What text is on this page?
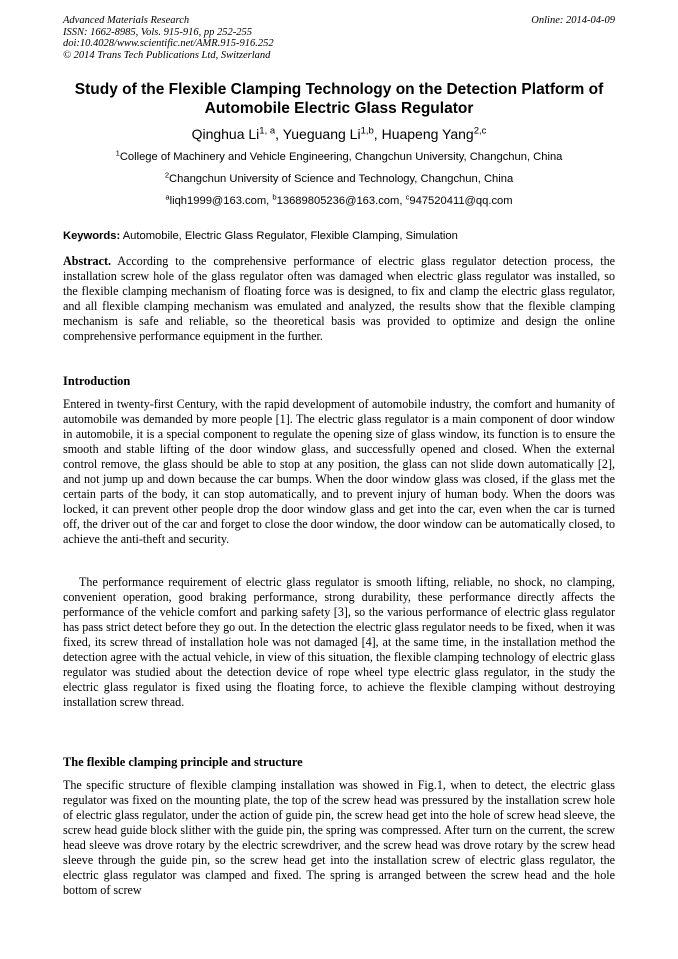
Advanced Materials Research
ISSN: 1662-8985, Vols. 915-916, pp 252-255
doi:10.4028/www.scientific.net/AMR.915-916.252
© 2014 Trans Tech Publications Ltd, Switzerland
Online: 2014-04-09
Study of the Flexible Clamping Technology on the Detection Platform of
Automobile Electric Glass Regulator
Qinghua Li$^{1, a}$, Yueguang Li$^{1,b}$, Huapeng Yang$^{2,c}$
$^1$College of Machinery and Vehicle Engineering, Changchun University, Changchun, China
$^2$Changchun University of Science and Technology, Changchun, China
$^a$liqh1999@163.com, $^b$13689805236@163.com, $^c$947520411@qq.com
Keywords: Automobile, Electric Glass Regulator, Flexible Clamping, Simulation

Abstract. According to the comprehensive performance of electric glass regulator detection process, the installation screw hole of the glass regulator often was damaged when electric glass regulator was installed, so the flexible clamping mechanism of floating force was is designed, to fix and clamp the electric glass regulator, and all flexible clamping mechanism was emulated and analyzed, the results show that the flexible clamping mechanism is safe and reliable, so the theoretical basis was provided to optimize and design the online comprehensive performance equipment in the further.

Introduction

Entered in twenty-first Century, with the rapid development of automobile industry, the comfort and humanity of automobile was demanded by more people [1]. The electric glass regulator is a main component of door window in automobile, it is a special component to regulate the opening size of glass window, its function is to ensure the smooth and stable lifting of the door window glass, and successfully opened and closed. When the external control remove, the glass should be able to stop at any position, the glass can not slide down automatically [2], and not jump up and down because the car bumps. When the door window glass was closed, if the glass met the certain parts of the body, it can stop automatically, and to prevent injury of human body. When the doors was locked, it can prevent other people drop the door window glass and get into the car, even when the car is turned off, the driver out of the car and forget to close the door window, the door window can be automatically closed, to achieve the anti-theft and security.

The performance requirement of electric glass regulator is smooth lifting, reliable, no shock, no clamping, convenient operation, good braking performance, strong durability, these performance directly affects the performance of the vehicle comfort and parking safety [3], so the various performance of electric glass regulator has pass strict detect before they go out. In the detection the electric glass regulator needs to be fixed, when it was fixed, its screw thread of installation hole was not damaged [4], at the same time, in the installation method the detection agree with the actual vehicle, in view of this situation, the flexible clamping technology of electric glass regulator was studied about the detection device of rope wheel type electric glass regulator, in the study the electric glass regulator is fixed using the floating force, to achieve the flexible clamping without destroying installation screw thread.

The flexible clamping principle and structure

The specific structure of flexible clamping installation was showed in Fig.1, when to detect, the electric glass regulator was fixed on the mounting plate, the top of the screw head was pressured by the installation screw hole of electric glass regulator, under the action of guide pin, the screw head get into the hole of screw head sleeve, the screw head guide block slither with the guide pin, the spring was compressed. After turn on the current, the screw head sleeve was drove rotary by the electric screwdriver, and the screw head was drove rotary by the screw head sleeve through the guide pin, so the screw head get into the installation screw of electric glass regulator, the electric glass regulator was clamped and fixed. The spring is arranged between the screw head and the hole bottom of screw
